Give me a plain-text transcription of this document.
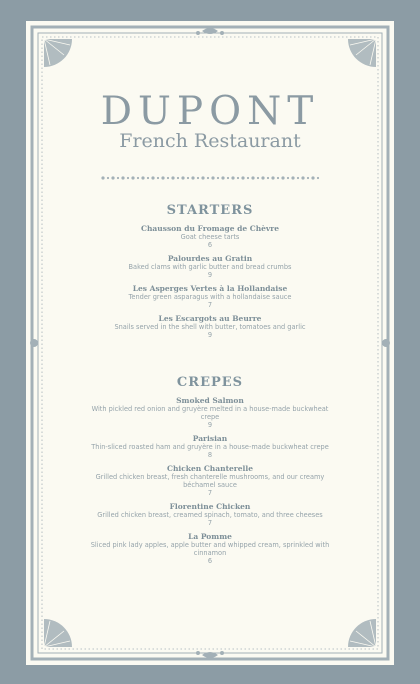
DUPONT
French Restaurant
STARTERS
Chausson du Fromage de Chèvre
Goat cheese tarts
6
Palourdes au Gratin
Baked clams with garlic butter and bread crumbs
9
Les Asperges Vertes à la Hollandaise
Tender green asparagus with a hollandaise sauce
7
Les Escargots au Beurre
Snails served in the shell with butter, tomatoes and garlic
9
CREPES
Smoked Salmon
With pickled red onion and gruyère melted in a house-made buckwheat crepe
9
Parisian
Thin-sliced roasted ham and gruyère in a house-made buckwheat crepe
8
Chicken Chanterelle
Grilled chicken breast, fresh chanterelle mushrooms, and our creamy béchamel sauce
7
Florentine Chicken
Grilled chicken breast, creamed spinach, tomato, and three cheeses
7
La Pomme
Sliced pink lady apples, apple butter and whipped cream, sprinkled with cinnamon
6
